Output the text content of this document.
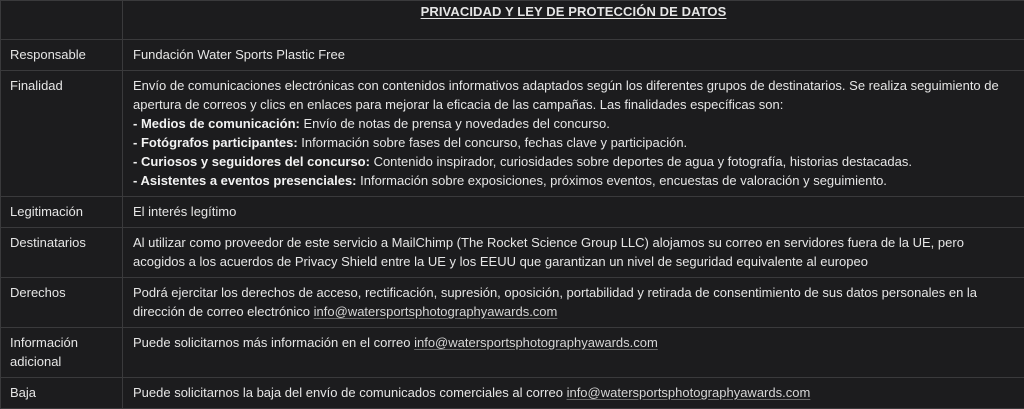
	PRIVACIDAD Y LEY DE PROTECCIÓN DE DATOS
Responsable	Fundación Water Sports Plastic Free
Finalidad	Envío de comunicaciones electrónicas con contenidos informativos adaptados según los diferentes grupos de destinatarios. Se realiza seguimiento de apertura de correos y clics en enlaces para mejorar la eficacia de las campañas. Las finalidades específicas son:
- Medios de comunicación: Envío de notas de prensa y novedades del concurso.
- Fotógrafos participantes: Información sobre fases del concurso, fechas clave y participación.
- Curiosos y seguidores del concurso: Contenido inspirador, curiosidades sobre deportes de agua y fotografía, historias destacadas.
- Asistentes a eventos presenciales: Información sobre exposiciones, próximos eventos, encuestas de valoración y seguimiento.

Legitimación	El interés legítimo
Destinatarios	Al utilizar como proveedor de este servicio a MailChimp (The Rocket Science Group LLC) alojamos su correo en servidores fuera de la UE, pero acogidos a los acuerdos de Privacy Shield entre la UE y los EEUU que garantizan un nivel de seguridad equivalente al europeo
Derechos	Podrá ejercitar los derechos de acceso, rectificación, supresión, oposición, portabilidad y retirada de consentimiento de sus datos personales en la dirección de correo electrónico info@watersportsphotographyawards.com

Información
adicional	Puede solicitarnos más información en el correo info@watersportsphotographyawards.com
Baja	Puede solicitarnos la baja del envío de comunicados comerciales al correo info@watersportsphotographyawards.com
